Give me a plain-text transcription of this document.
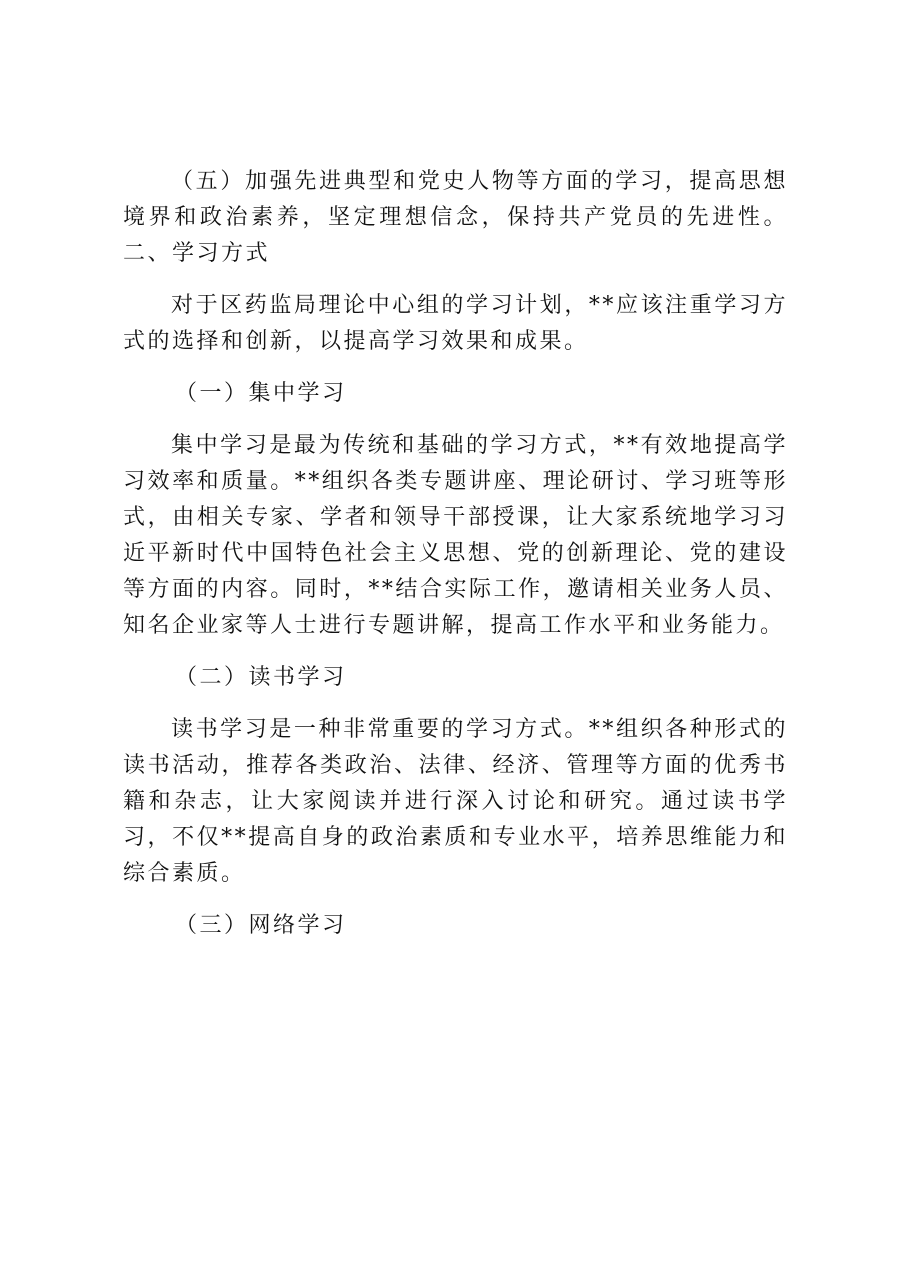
（五）加强先进典型和党史人物等方面的学习，提高思想境界和政治素养，坚定理想信念，保持共产党员的先进性。二、学习方式

对于区药监局理论中心组的学习计划，**应该注重学习方式的选择和创新，以提高学习效果和成果。

（一）集中学习

集中学习是最为传统和基础的学习方式，**有效地提高学习效率和质量。**组织各类专题讲座、理论研讨、学习班等形式，由相关专家、学者和领导干部授课，让大家系统地学习习近平新时代中国特色社会主义思想、党的创新理论、党的建设等方面的内容。同时，**结合实际工作，邀请相关业务人员、知名企业家等人士进行专题讲解，提高工作水平和业务能力。

（二）读书学习

读书学习是一种非常重要的学习方式。**组织各种形式的读书活动，推荐各类政治、法律、经济、管理等方面的优秀书籍和杂志，让大家阅读并进行深入讨论和研究。通过读书学习，不仅**提高自身的政治素质和专业水平，培养思维能力和综合素质。

（三）网络学习
